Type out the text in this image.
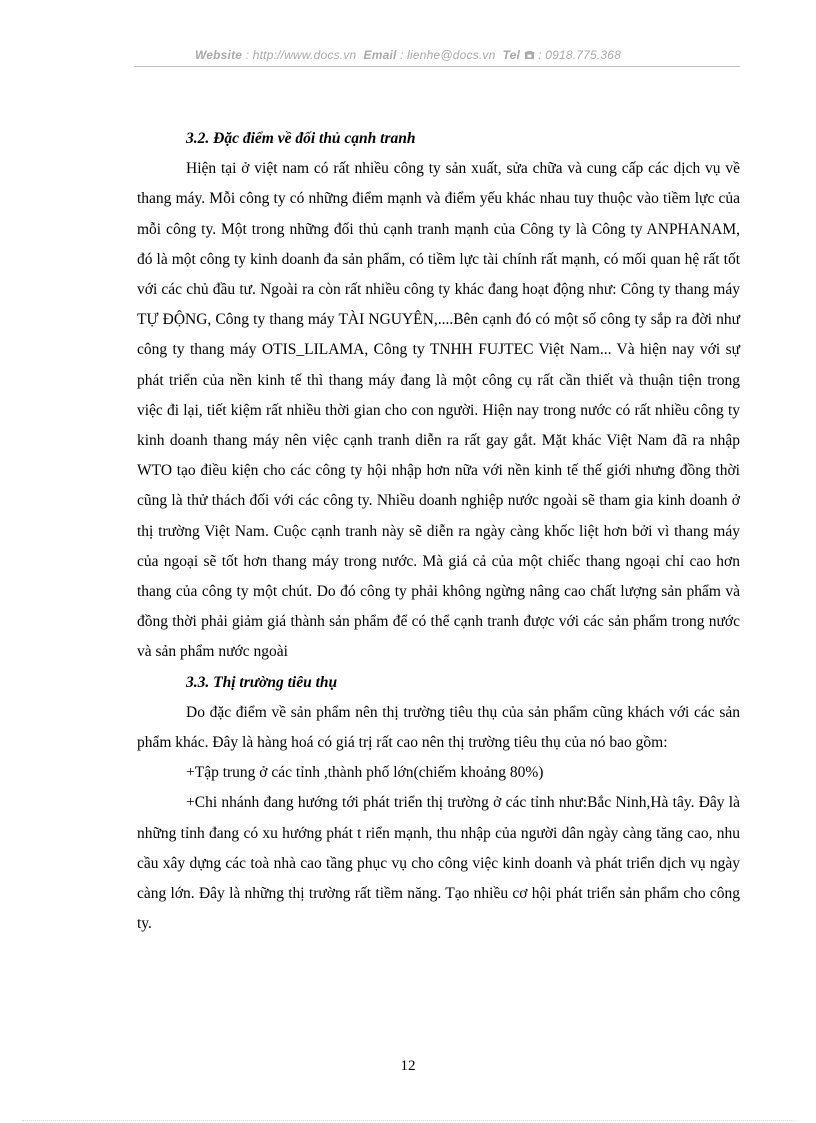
Website : http://www.docs.vn Email : lienhe@docs.vn Tel : 0918.775.368
3.2. Đặc điểm về đối thủ cạnh tranh

Hiện tại ở việt nam có rất nhiều công ty sản xuất, sửa chữa và cung cấp các dịch vụ về thang máy. Mỗi công ty có những điểm mạnh và điểm yếu khác nhau tuy thuộc vào tiềm lực của mỗi công ty. Một trong những đối thủ cạnh tranh mạnh của Công ty là Công ty ANPHANAM, đó là một công ty kinh doanh đa sản phẩm, có tiềm lực tài chính rất mạnh, có mối quan hệ rất tốt với các chủ đầu tư. Ngoài ra còn rất nhiều công ty khác đang hoạt động như: Công ty thang máy TỰ ĐỘNG, Công ty thang máy TÀI NGUYÊN,....Bên cạnh đó có một số công ty sắp ra đời như công ty thang máy OTIS_LILAMA, Công ty TNHH FUJTEC Việt Nam... Và hiện nay với sự phát triển của nền kinh tế thì thang máy đang là một công cụ rất cần thiết và thuận tiện trong việc đi lại, tiết kiệm rất nhiều thời gian cho con người. Hiện nay trong nước có rất nhiều công ty kinh doanh thang máy nên việc cạnh tranh diễn ra rất gay gắt. Mặt khác Việt Nam đã ra nhập WTO tạo điều kiện cho các công ty hội nhập hơn nữa với nền kinh tế thế giới nhưng đồng thời cũng là thử thách đối với các công ty. Nhiều doanh nghiệp nước ngoài sẽ tham gia kinh doanh ở thị trường Việt Nam. Cuộc cạnh tranh này sẽ diễn ra ngày càng khốc liệt hơn bởi vì thang máy của ngoại sẽ tốt hơn thang máy trong nước. Mà giá cả của một chiếc thang ngoại chỉ cao hơn thang của công ty một chút. Do đó công ty phải không ngừng nâng cao chất lượng sản phẩm và đồng thời phải giảm giá thành sản phẩm để có thể cạnh tranh được với các sản phẩm trong nước và sản phẩm nước ngoài

3.3. Thị trường tiêu thụ

Do đặc điểm về sản phẩm nên thị trường tiêu thụ của sản phẩm cũng khách với các sản phẩm khác. Đây là hàng hoá có giá trị rất cao nên thị trường tiêu thụ của nó bao gồm:

+Tập trung ở các tỉnh ,thành phố lớn(chiếm khoảng 80%)

+Chi nhánh đang hướng tới phát triển thị trường ở các tỉnh như:Bắc Ninh,Hà tây. Đây là những tỉnh đang có xu hướng phát t riển mạnh, thu nhập của người dân ngày càng tăng cao, nhu cầu xây dựng các toà nhà cao tầng phục vụ cho công việc kinh doanh và phát triển dịch vụ ngày càng lớn. Đây là những thị trường rất tiềm năng. Tạo nhiều cơ hội phát triển sản phẩm cho công ty.

12
